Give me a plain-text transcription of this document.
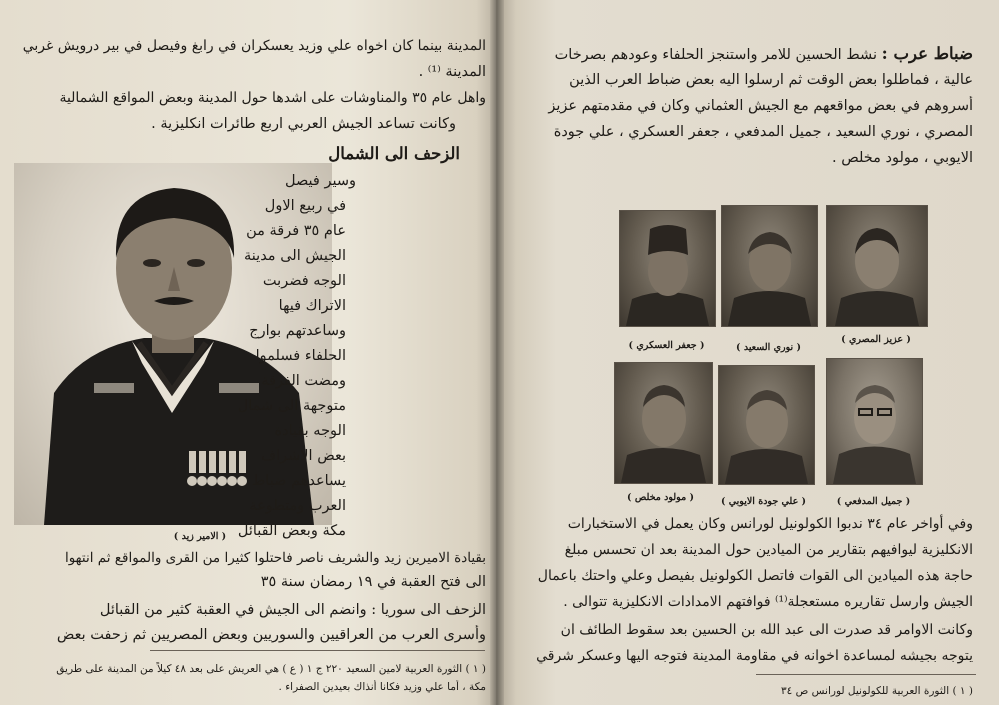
المدينة بينما كان اخواه علي وزيد يعسكران في رابغ وفيصل في بير درويش غربي
المدينة ⁽¹⁾ .
واهل عام ٣٥ والمناوشات على اشدها حول المدينة وبعض المواقع الشمالية
وكانت تساعد الجيش العربي اربع طائرات انكليزية .
الزحف الى الشمال
وسير فيصل
في ربيع الاول
عام ٣٥ فرقة من
الجيش الى مدينة
الوجه فضربت
الاتراك فيها
وساعدتهم بوارج
الحلفاء فسلموا
ومضت الفرقة
متوجهة الى شمال
الوجه بقيادة
بعض الاشراف
يساعدهم ضباط
العرب ومتطوعة
مكة وبعض القبائل
( الامير زيد )
بقيادة الاميرين زيد والشريف ناصر فاحتلوا كثيرا من القرى والمواقع ثم انتهوا
الى فتح العقبة في ١٩ رمضان سنة ٣٥
الزحف الى سوريا : وانضم الى الجيش في العقبة كثير من القبائل
وأسرى العرب من العراقيين والسوريين وبعض المصريين ثم زحفت بعض
( ١ ) الثورة العربية لامين السعيد ٢٢٠ ج ١ ( ع ) هي العريش على بعد ٤٨ كيلاً من المدينة على طريق
مكة ، أما علي وزيد فكانا أنذاك بعيدين الصفراء .
ضباط عرب : نشط الحسين للامر واستنجز الحلفاء وعودهم بصرخات
عالية ، فماطلوا بعض الوقت ثم ارسلوا اليه بعض ضباط العرب الذين
أسروهم في بعض مواقعهم مع الجيش العثماني وكان في مقدمتهم عزيز
المصري ، نوري السعيد ، جميل المدفعي ، جعفر العسكري ، علي جودة
الايوبي ، مولود مخلص .
( عزيز المصري )
( نوري السعيد )
( جعفر العسكري )
( جميل المدفعي )
( علي جودة الايوبي )
( مولود مخلص )
وفي أواخر عام ٣٤ ندبوا الكولونيل لورانس وكان يعمل في الاستخبارات
الانكليزية ليوافيهم بتقارير من الميادين حول المدينة بعد ان تحسس مبلغ
حاجة هذه الميادين الى القوات فاتصل الكولونيل بفيصل وعلي واحتك باعمال
الجيش وارسل تقاريره مستعجلة⁽¹⁾ فوافتهم الامدادات الانكليزية تتوالى .
وكانت الاوامر قد صدرت الى عبد الله بن الحسين بعد سقوط الطائف ان
يتوجه بجيشه لمساعدة اخوانه في مقاومة المدينة فتوجه اليها وعسكر شرقي
( ١ ) الثورة العربية للكولونيل لورانس ص ٣٤
